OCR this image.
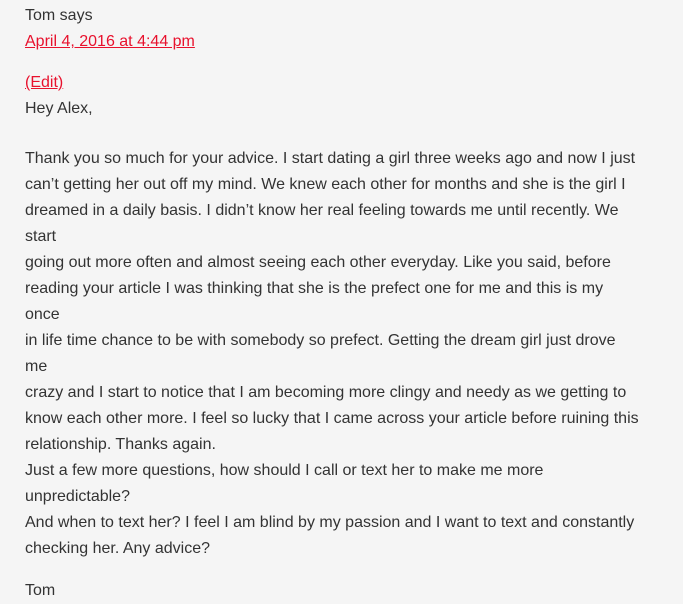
Tom says

April 4, 2016 at 4:44 pm
(Edit)

Hey Alex,

Thank you so much for your advice. I start dating a girl three weeks ago and now I just
can’t getting her out off my mind. We knew each other for months and she is the girl I
dreamed in a daily basis. I didn’t know her real feeling towards me until recently. We start
going out more often and almost seeing each other everyday. Like you said, before
reading your article I was thinking that she is the prefect one for me and this is my once
in life time chance to be with somebody so prefect. Getting the dream girl just drove me
crazy and I start to notice that I am becoming more clingy and needy as we getting to
know each other more. I feel so lucky that I came across your article before ruining this
relationship. Thanks again.
Just a few more questions, how should I call or text her to make me more unpredictable?
And when to text her? I feel I am blind by my passion and I want to text and constantly
checking her. Any advice?

Tom
